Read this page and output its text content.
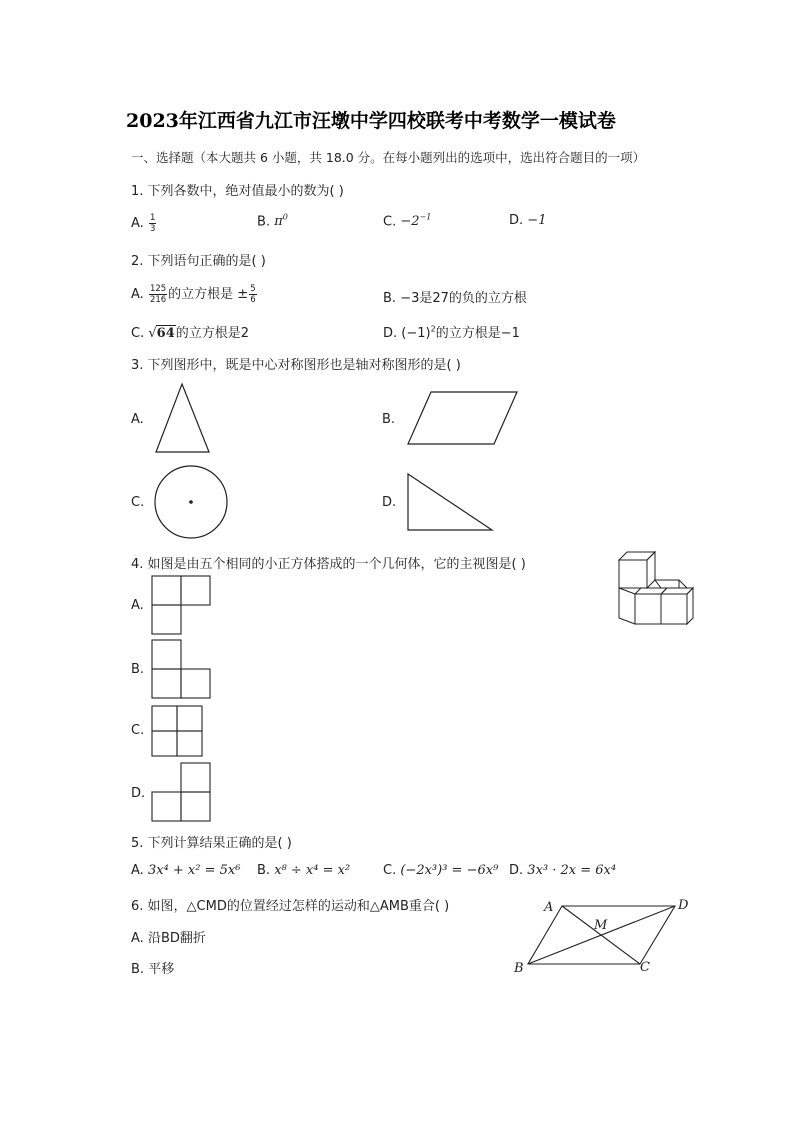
2023年江西省九江市汪墩中学四校联考中考数学一模试卷
一、选择题（本大题共 6 小题，共 18.0 分。在每小题列出的选项中，选出符合题目的一项）
1. 下列各数中，绝对值最小的数为( )
A. $\frac{1}{3}$	B. $\pi^0$	C. $-2^{-1}$	D. −1
2. 下列语句正确的是( )
A. $\frac{125}{216}$ 的立方根是 ± $\frac{5}{6}$	B. −3是27的负的立方根
C. √64的立方根是2	D. $(-1)^2$的立方根是−1
3. 下列图形中，既是中心对称图形也是轴对称图形的是( )
A.	B.
C.	D.
4. 如图是由五个相同的小正方体搭成的一个几何体，它的主视图是( )
A.
B.
C.
D.
5. 下列计算结果正确的是( )
A. 3x⁴ + x² = 5x⁶ B. x⁸ ÷ x⁴ = x²	C. (−2x³)³ = −6x⁹ D. 3x³ · 2x = 6x⁴
6. 如图，△CMD的位置经过怎样的运动和△AMB重合( )
A. 沿BD翻折
B. 平移
A	D
B	C
M
